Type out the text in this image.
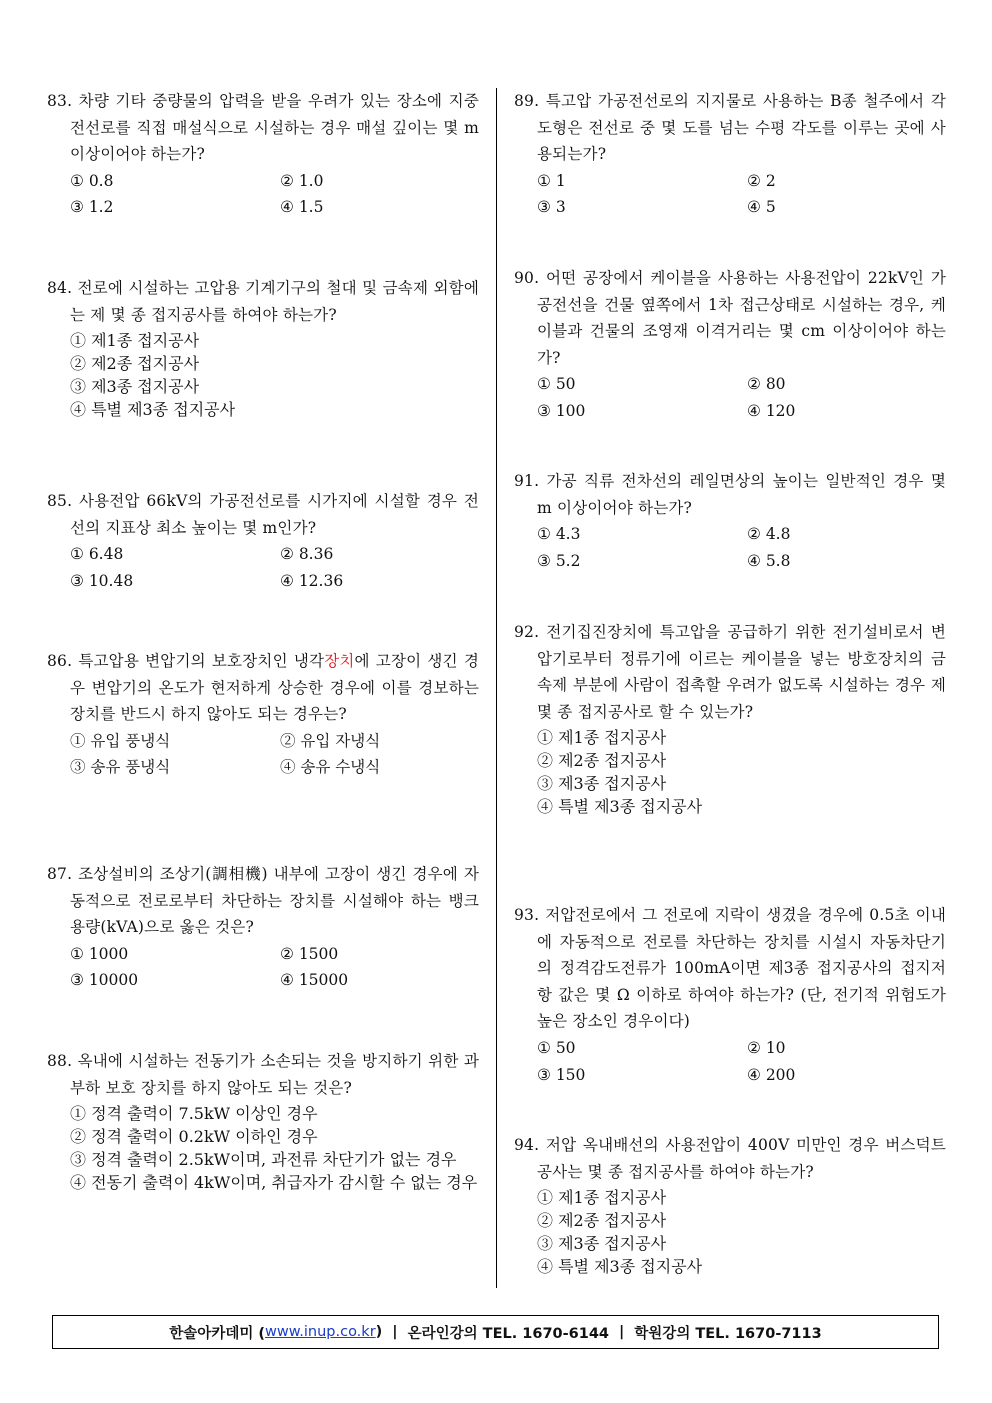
83. 차량 기타 중량물의 압력을 받을 우려가 있는 장소에 지중 전선로를 직접 매설식으로 시설하는 경우 매설 깊이는 몇 m 이상이어야 하는가?
① 0.8	② 1.0
③ 1.2	④ 1.5
84. 전로에 시설하는 고압용 기계기구의 철대 및 금속제 외함에는 제 몇 종 접지공사를 하여야 하는가?
① 제1종 접지공사
② 제2종 접지공사
③ 제3종 접지공사
④ 특별 제3종 접지공사
85. 사용전압 66kV의 가공전선로를 시가지에 시설할 경우 전선의 지표상 최소 높이는 몇 m인가?
① 6.48	② 8.36
③ 10.48	④ 12.36
86. 특고압용 변압기의 보호장치인 냉각장치에 고장이 생긴 경우 변압기의 온도가 현저하게 상승한 경우에 이를 경보하는 장치를 반드시 하지 않아도 되는 경우는?
① 유입 풍냉식	② 유입 자냉식
③ 송유 풍냉식	④ 송유 수냉식
87. 조상설비의 조상기(調相機) 내부에 고장이 생긴 경우에 자동적으로 전로로부터 차단하는 장치를 시설해야 하는 뱅크용량(kVA)으로 옳은 것은?
① 1000	② 1500
③ 10000	④ 15000
88. 옥내에 시설하는 전동기가 소손되는 것을 방지하기 위한 과부하 보호 장치를 하지 않아도 되는 것은?
① 정격 출력이 7.5kW 이상인 경우
② 정격 출력이 0.2kW 이하인 경우
③ 정격 출력이 2.5kW이며, 과전류 차단기가 없는 경우
④ 전동기 출력이 4kW이며, 취급자가 감시할 수 없는 경우
89. 특고압 가공전선로의 지지물로 사용하는 B종 철주에서 각도형은 전선로 중 몇 도를 넘는 수평 각도를 이루는 곳에 사용되는가?
① 1	② 2
③ 3	④ 5
90. 어떤 공장에서 케이블을 사용하는 사용전압이 22kV인 가공전선을 건물 옆쪽에서 1차 접근상태로 시설하는 경우, 케이블과 건물의 조영재 이격거리는 몇 cm 이상이어야 하는가?
① 50	② 80
③ 100	④ 120
91. 가공 직류 전차선의 레일면상의 높이는 일반적인 경우 몇 m 이상이어야 하는가?
① 4.3	② 4.8
③ 5.2	④ 5.8
92. 전기집진장치에 특고압을 공급하기 위한 전기설비로서 변압기로부터 정류기에 이르는 케이블을 넣는 방호장치의 금속제 부분에 사람이 접촉할 우려가 없도록 시설하는 경우 제 몇 종 접지공사로 할 수 있는가?
① 제1종 접지공사
② 제2종 접지공사
③ 제3종 접지공사
④ 특별 제3종 접지공사
93. 저압전로에서 그 전로에 지락이 생겼을 경우에 0.5초 이내에 자동적으로 전로를 차단하는 장치를 시설시 자동차단기의 정격감도전류가 100mA이면 제3종 접지공사의 접지저항 값은 몇 Ω 이하로 하여야 하는가? (단, 전기적 위험도가 높은 장소인 경우이다)
① 50	② 10
③ 150	④ 200
94. 저압 옥내배선의 사용전압이 400V 미만인 경우 버스덕트 공사는 몇 종 접지공사를 하여야 하는가?
① 제1종 접지공사
② 제2종 접지공사
③ 제3종 접지공사
④ 특별 제3종 접지공사
한솔아카데미 ( www.inup.co.kr ) | 온라인강의 TEL. 1670-6144 | 학원강의 TEL. 1670-7113
